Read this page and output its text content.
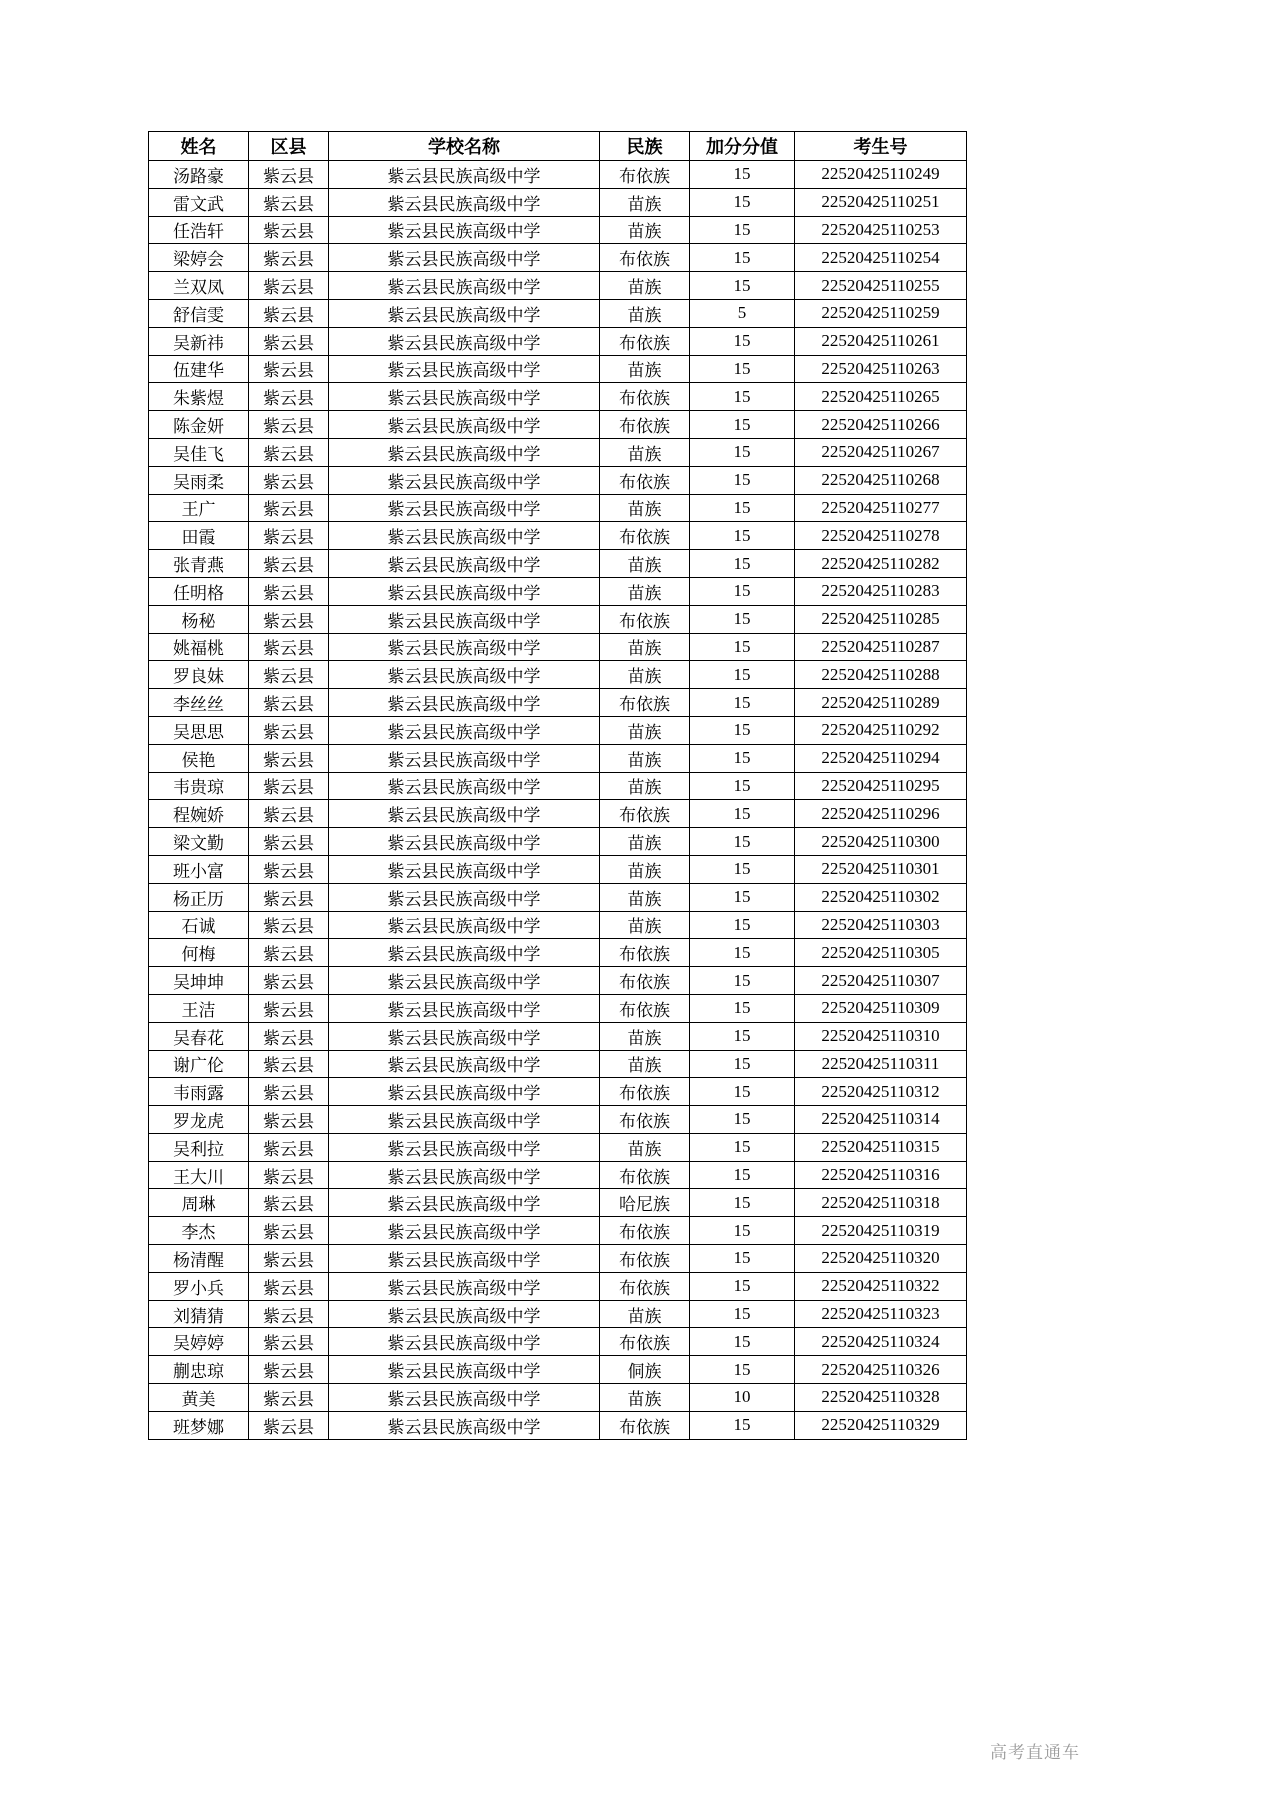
姓名	区县	学校名称	民族	加分分值	考生号
汤路豪	紫云县	紫云县民族高级中学	布依族	15	22520425110249
雷文武	紫云县	紫云县民族高级中学	苗族	15	22520425110251
任浩轩	紫云县	紫云县民族高级中学	苗族	15	22520425110253
梁婷会	紫云县	紫云县民族高级中学	布依族	15	22520425110254
兰双凤	紫云县	紫云县民族高级中学	苗族	15	22520425110255
舒信雯	紫云县	紫云县民族高级中学	苗族	5	22520425110259
吴新祎	紫云县	紫云县民族高级中学	布依族	15	22520425110261
伍建华	紫云县	紫云县民族高级中学	苗族	15	22520425110263
朱紫煜	紫云县	紫云县民族高级中学	布依族	15	22520425110265
陈金妍	紫云县	紫云县民族高级中学	布依族	15	22520425110266
吴佳飞	紫云县	紫云县民族高级中学	苗族	15	22520425110267
吴雨柔	紫云县	紫云县民族高级中学	布依族	15	22520425110268
王广	紫云县	紫云县民族高级中学	苗族	15	22520425110277
田霞	紫云县	紫云县民族高级中学	布依族	15	22520425110278
张青燕	紫云县	紫云县民族高级中学	苗族	15	22520425110282
任明格	紫云县	紫云县民族高级中学	苗族	15	22520425110283
杨秘	紫云县	紫云县民族高级中学	布依族	15	22520425110285
姚福桃	紫云县	紫云县民族高级中学	苗族	15	22520425110287
罗良妹	紫云县	紫云县民族高级中学	苗族	15	22520425110288
李丝丝	紫云县	紫云县民族高级中学	布依族	15	22520425110289
吴思思	紫云县	紫云县民族高级中学	苗族	15	22520425110292
侯艳	紫云县	紫云县民族高级中学	苗族	15	22520425110294
韦贵琼	紫云县	紫云县民族高级中学	苗族	15	22520425110295
程婉娇	紫云县	紫云县民族高级中学	布依族	15	22520425110296
梁文勤	紫云县	紫云县民族高级中学	苗族	15	22520425110300
班小富	紫云县	紫云县民族高级中学	苗族	15	22520425110301
杨正历	紫云县	紫云县民族高级中学	苗族	15	22520425110302
石诚	紫云县	紫云县民族高级中学	苗族	15	22520425110303
何梅	紫云县	紫云县民族高级中学	布依族	15	22520425110305
吴坤坤	紫云县	紫云县民族高级中学	布依族	15	22520425110307
王洁	紫云县	紫云县民族高级中学	布依族	15	22520425110309
吴春花	紫云县	紫云县民族高级中学	苗族	15	22520425110310
谢广伦	紫云县	紫云县民族高级中学	苗族	15	22520425110311
韦雨露	紫云县	紫云县民族高级中学	布依族	15	22520425110312
罗龙虎	紫云县	紫云县民族高级中学	布依族	15	22520425110314
吴利拉	紫云县	紫云县民族高级中学	苗族	15	22520425110315
王大川	紫云县	紫云县民族高级中学	布依族	15	22520425110316
周琳	紫云县	紫云县民族高级中学	哈尼族	15	22520425110318
李杰	紫云县	紫云县民族高级中学	布依族	15	22520425110319
杨清醒	紫云县	紫云县民族高级中学	布依族	15	22520425110320
罗小兵	紫云县	紫云县民族高级中学	布依族	15	22520425110322
刘猜猜	紫云县	紫云县民族高级中学	苗族	15	22520425110323
吴婷婷	紫云县	紫云县民族高级中学	布依族	15	22520425110324
蒯忠琼	紫云县	紫云县民族高级中学	侗族	15	22520425110326
黄美	紫云县	紫云县民族高级中学	苗族	10	22520425110328
班梦娜	紫云县	紫云县民族高级中学	布依族	15	22520425110329
高考直通车
